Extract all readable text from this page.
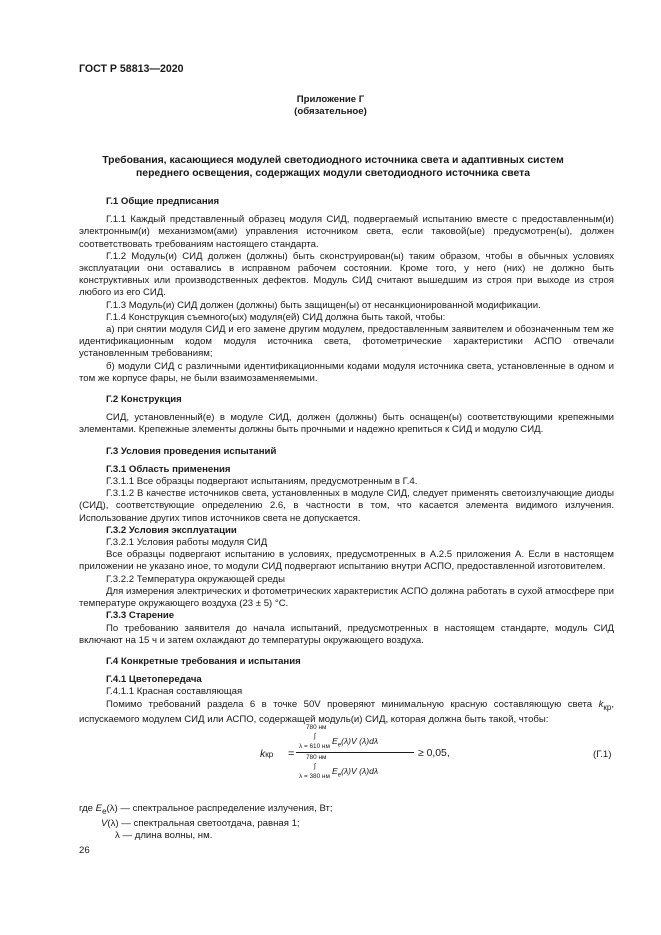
ГОСТ Р 58813—2020
Приложение Г
(обязательное)
Требования, касающиеся модулей светодиодного источника света и адаптивных систем переднего освещения, содержащих модули светодиодного источника света
Г.1 Общие предписания

Г.1.1 Каждый представленный образец модуля СИД, подвергаемый испытанию вместе с предоставленным(и) электронным(и) механизмом(ами) управления источником света, если таковой(ые) предусмотрен(ы), должен соответствовать требованиям настоящего стандарта.

Г.1.2 Модуль(и) СИД должен (должны) быть сконструирован(ы) таким образом, чтобы в обычных условиях эксплуатации они оставались в исправном рабочем состоянии. Кроме того, у него (них) не должно быть конструктивных или производственных дефектов. Модуль СИД считают вышедшим из строя при выходе из строя любого из его СИД.

Г.1.3 Модуль(и) СИД должен (должны) быть защищен(ы) от несанкционированной модификации.

Г.1.4 Конструкция съемного(ых) модуля(ей) СИД должна быть такой, чтобы:

а) при снятии модуля СИД и его замене другим модулем, предоставленным заявителем и обозначенным тем же идентификационным кодом модуля источника света, фотометрические характеристики АСПО отвечали установленным требованиям;

б) модули СИД с различными идентификационными кодами модуля источника света, установленные в одном и том же корпусе фары, не были взаимозаменяемыми.

Г.2 Конструкция

СИД, установленный(е) в модуле СИД, должен (должны) быть оснащен(ы) соответствующими крепежными элементами. Крепежные элементы должны быть прочными и надежно крепиться к СИД и модулю СИД.

Г.3 Условия проведения испытаний
Г.3.1 Область применения

Г.3.1.1 Все образцы подвергают испытаниям, предусмотренным в Г.4.

Г.3.1.2 В качестве источников света, установленных в модуле СИД, следует применять светоизлучающие диоды (СИД), соответствующие определению 2.6, в частности в том, что касается элемента видимого излучения. Использование других типов источников света не допускается.

Г.3.2 Условия эксплуатации

Г.3.2.1 Условия работы модуля СИД

Все образцы подвергают испытанию в условиях, предусмотренных в А.2.5 приложения А. Если в настоящем приложении не указано иное, то модули СИД подвергают испытанию внутри АСПО, предоставленной изготовителем.

Г.3.2.2 Температура окружающей среды

Для измерения электрических и фотометрических характеристик АСПО должна работать в сухой атмосфере при температуре окружающего воздуха (23 ± 5) °С.

Г.3.3 Старение

По требованию заявителя до начала испытаний, предусмотренных в настоящем стандарте, модуль СИД включают на 15 ч и затем охлаждают до температуры окружающего воздуха.

Г.4 Конкретные требования и испытания
Г.4.1 Цветопередача

Г.4.1.1 Красная составляющая

Помимо требований раздела 6 в точке 50V проверяют минимальную красную составляющую света $k_{кр}$, испускаемого модулем СИД или АСПО, содержащей модуль(и) СИД, которая должна быть такой, чтобы:

kкр =
780 нм
∫ $E_e(\lambda)V$ (λ)dλ
λ = 610 нм
780 нм
∫ $E_e(\lambda)V$ (λ)dλ
λ = 380 нм
≥ 0,05,	(Г.1)

где $E_e(\lambda)$ — спектральное распределение излучения, Вт;

V(λ) — спектральная светоотдача, равная 1;

λ — длина волны, нм.

26
